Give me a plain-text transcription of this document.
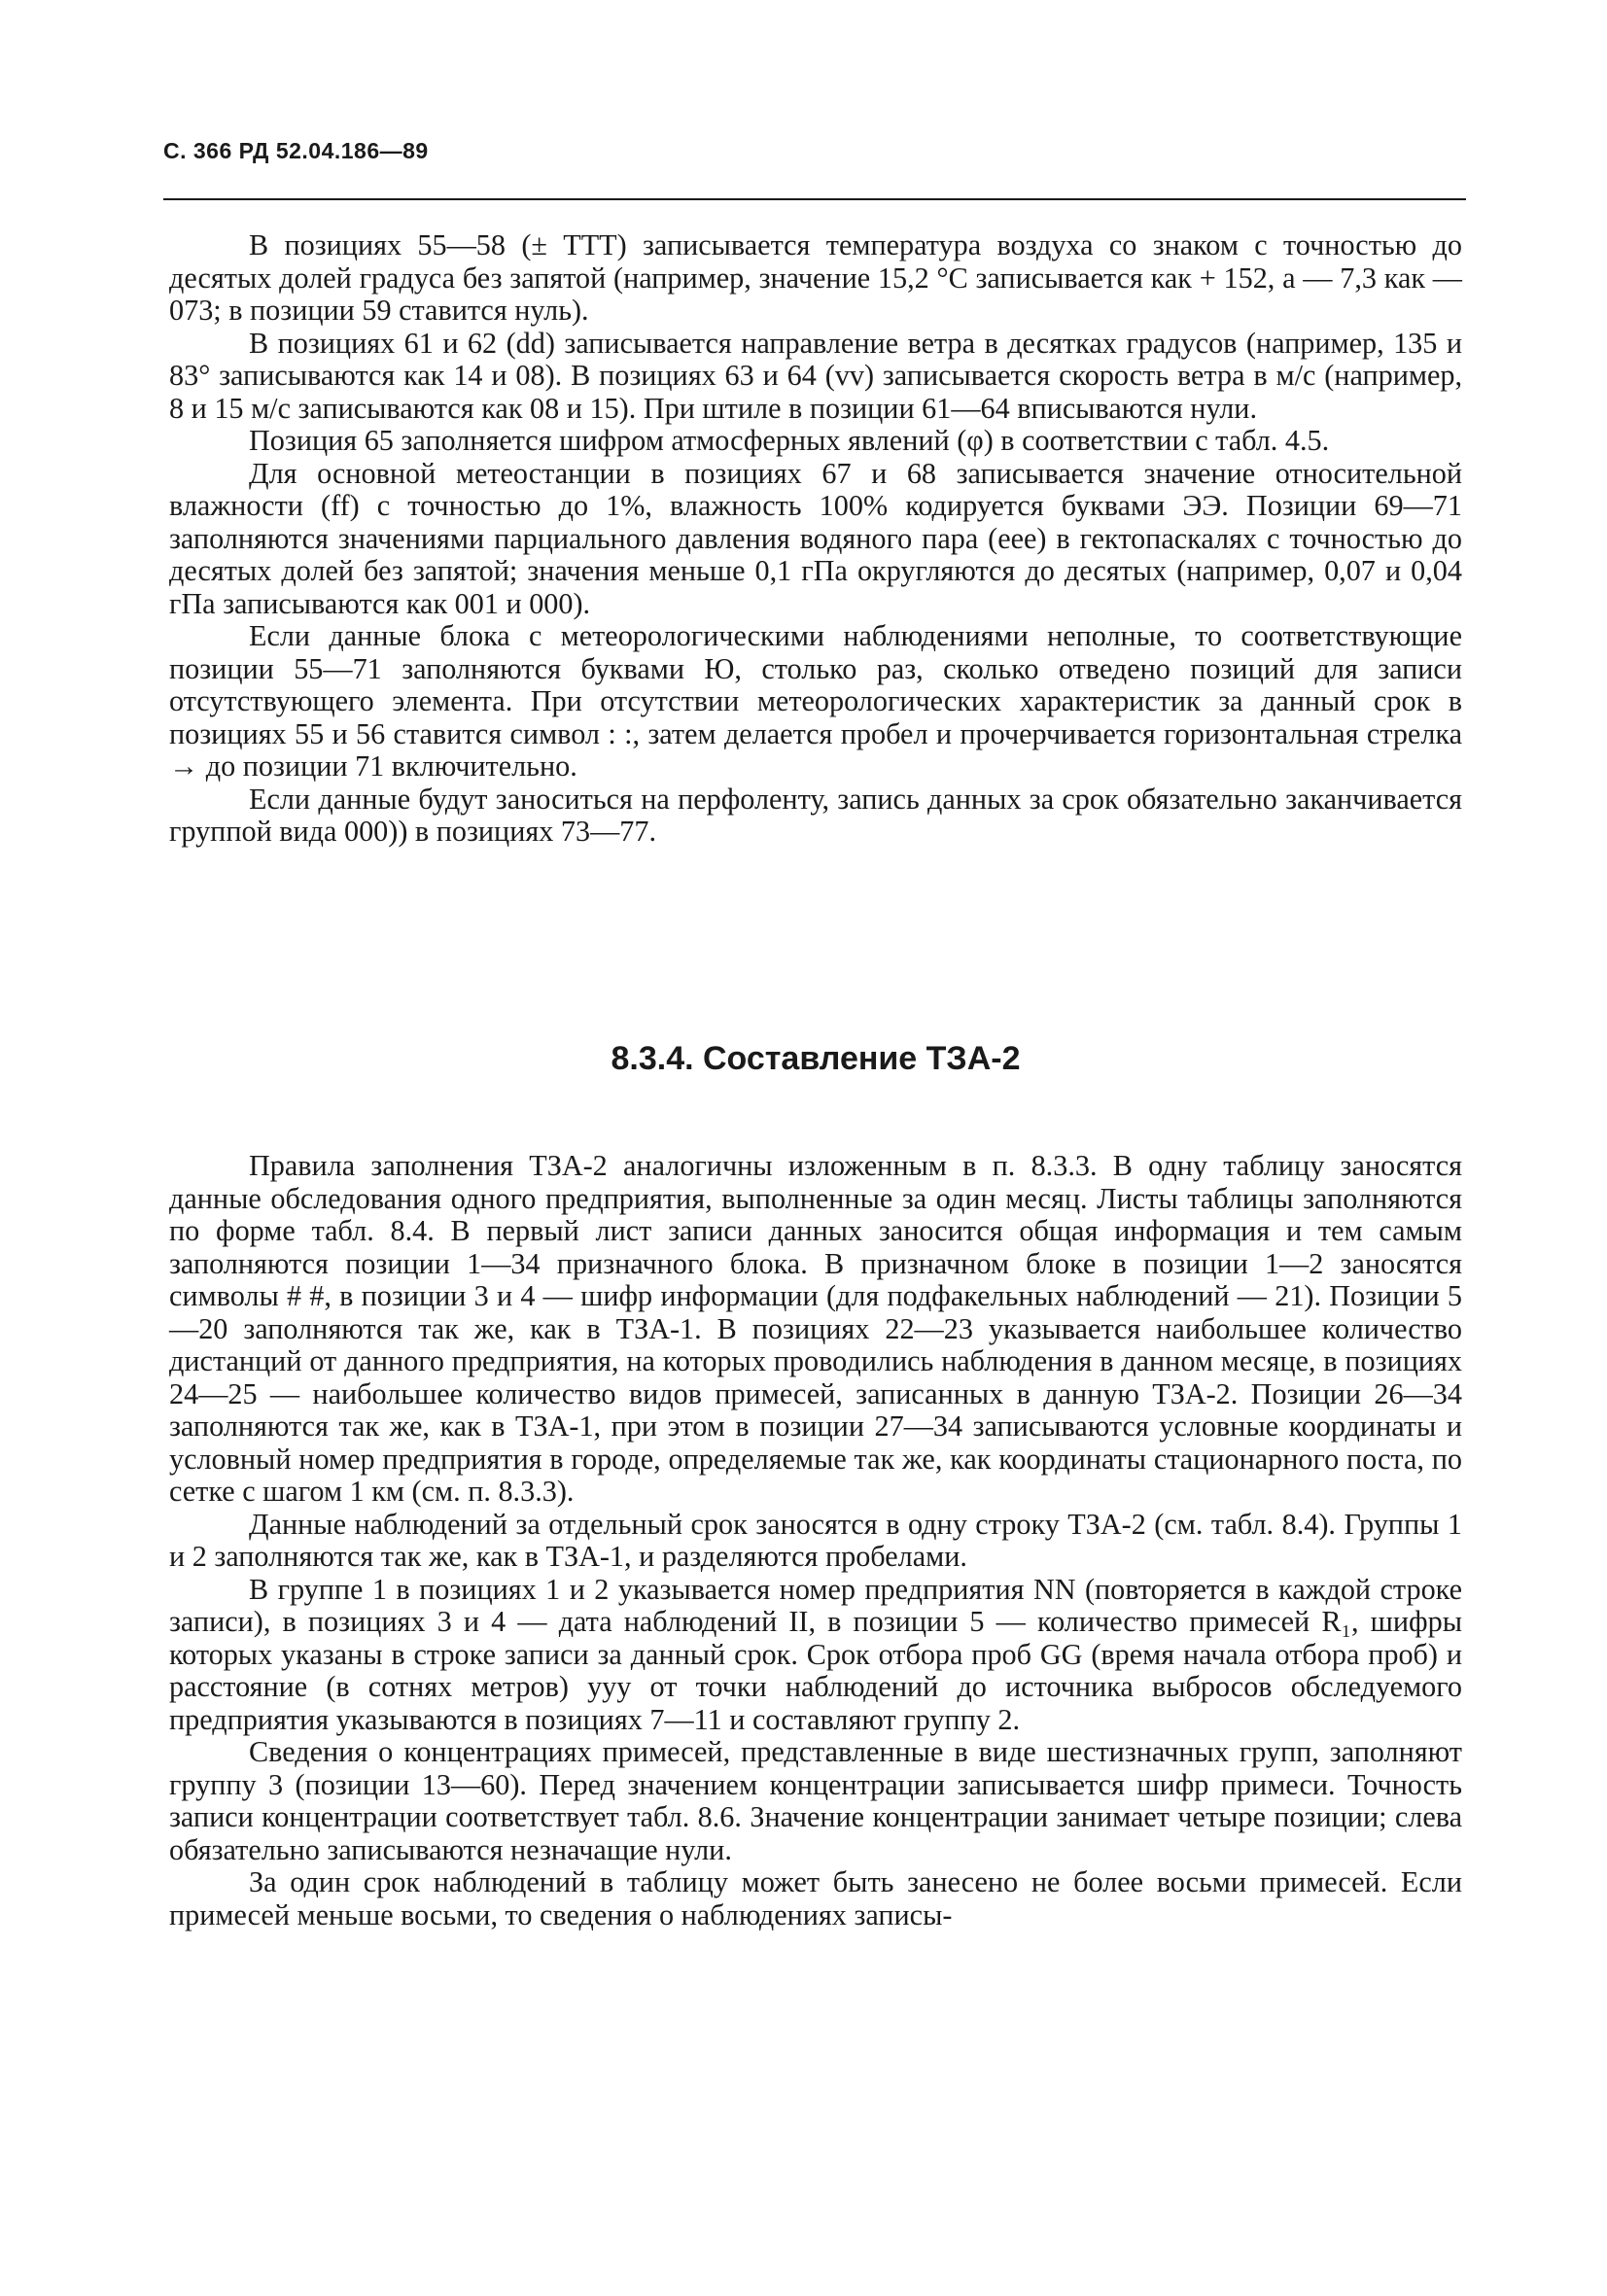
С. 366 РД 52.04.186—89

В позициях 55—58 (± TTT) записывается температура воздуха со знаком с точностью до десятых долей градуса без запятой (например, значение 15,2 °С записывается как + 152, а — 7,3 как — 073; в позиции 59 ставится нуль).

В позициях 61 и 62 (dd) записывается направление ветра в десятках градусов (например, 135 и 83° записываются как 14 и 08). В позициях 63 и 64 (vv) записывается скорость ветра в м/с (например, 8 и 15 м/с записываются как 08 и 15). При штиле в позиции 61—64 вписываются нули.

Позиция 65 заполняется шифром атмосферных явлений (φ) в соответствии с табл. 4.5.

Для основной метеостанции в позициях 67 и 68 записывается значение относительной влажности (ff) с точностью до 1%, влажность 100% кодируется буквами ЭЭ. Позиции 69—71 заполняются значениями парциального давления водяного пара (еее) в гектопаскалях с точностью до десятых долей без запятой; значения меньше 0,1 гПа округляются до десятых (например, 0,07 и 0,04 гПа записываются как 001 и 000).

Если данные блока с метеорологическими наблюдениями неполные, то соответствующие позиции 55—71 заполняются буквами Ю, столько раз, сколько отведено позиций для записи отсутствующего элемента. При отсутствии метеорологических характеристик за данный срок в позициях 55 и 56 ставится символ : :, затем делается пробел и прочерчивается горизонтальная стрелка → до позиции 71 включительно.

Если данные будут заноситься на перфоленту, запись данных за срок обязательно заканчивается группой вида 000)) в позициях 73—77.

8.3.4. Составление ТЗА-2

Правила заполнения ТЗА-2 аналогичны изложенным в п. 8.3.3. В одну таблицу заносятся данные обследования одного предприятия, выполненные за один месяц. Листы таблицы заполняются по форме табл. 8.4. В первый лист записи данных заносится общая информация и тем самым заполняются позиции 1—34 призначного блока. В призначном блоке в позиции 1—2 заносятся символы # #, в позиции 3 и 4 — шифр информации (для подфакельных наблюдений — 21). Позиции 5—20 заполняются так же, как в ТЗА-1. В позициях 22—23 указывается наибольшее количество дистанций от данного предприятия, на которых проводились наблюдения в данном месяце, в позициях 24—25 — наибольшее количество видов примесей, записанных в данную ТЗА-2. Позиции 26—34 заполняются так же, как в ТЗА-1, при этом в позиции 27—34 записываются условные координаты и условный номер предприятия в городе, определяемые так же, как координаты стационарного поста, по сетке с шагом 1 км (см. п. 8.3.3).

Данные наблюдений за отдельный срок заносятся в одну строку ТЗА-2 (см. табл. 8.4). Группы 1 и 2 заполняются так же, как в ТЗА-1, и разделяются пробелами.

В группе 1 в позициях 1 и 2 указывается номер предприятия NN (повторяется в каждой строке записи), в позициях 3 и 4 — дата наблюдений II, в позиции 5 — количество примесей R₁, шифры которых указаны в строке записи за данный срок. Срок отбора проб GG (время начала отбора проб) и расстояние (в сотнях метров) yyy от точки наблюдений до источника выбросов обследуемого предприятия указываются в позициях 7—11 и составляют группу 2.

Сведения о концентрациях примесей, представленные в виде шестизначных групп, заполняют группу 3 (позиции 13—60). Перед значением концентрации записывается шифр примеси. Точность записи концентрации соответствует табл. 8.6. Значение концентрации занимает четыре позиции; слева обязательно записываются незначащие нули.

За один срок наблюдений в таблицу может быть занесено не более восьми примесей. Если примесей меньше восьми, то сведения о наблюдениях записы-
